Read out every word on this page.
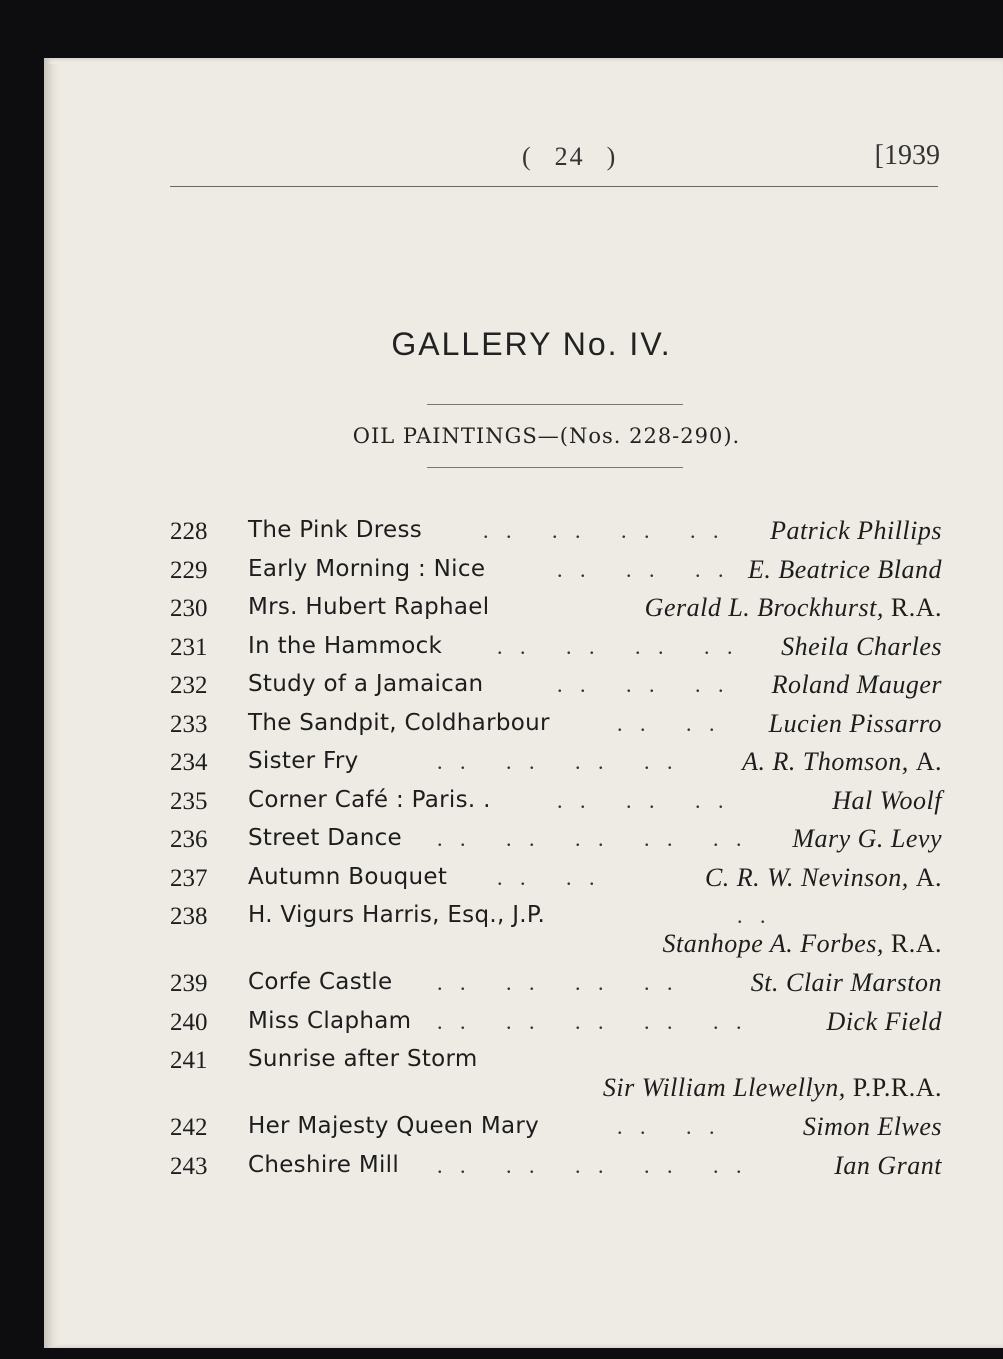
( 24 )	[1939
GALLERY No. IV.
OIL PAINTINGS—(Nos. 228-290).
228 The Pink Dress	. .   . .   . .   . . Patrick Phillips
229 Early Morning : Nice	. .   . .   . . E. Beatrice Bland
230 Mrs. Hubert Raphael	Gerald L. Brockhurst, R.A.
231 In the Hammock . .   . .   . .   . . Sheila Charles
232 Study of a Jamaican	. .   . .   . . Roland Mauger
233 The Sandpit, Coldharbour	. .   . . Lucien Pissarro
234 Sister Fry	. .   . .   . .   . . A. R. Thomson, A.
235 Corner Café : Paris. .	. .   . .   . .	Hal Woolf
236 Street Dance . .   . .   . .   . .   . . Mary G. Levy
237 Autumn Bouquet . .   . .	C. R. W. Nevinson, A.
238 H. Vigurs Harris, Esq., J.P.	. .
Stanhope A. Forbes, R.A.
239 Corfe Castle . .   . .   . .   . .	St. Clair Marston
240 Miss Clapham . .   . .   . .   . .   . .	Dick Field
241 Sunrise after Storm
Sir William Llewellyn, P.P.R.A.
242 Her Majesty Queen Mary	. .   . .	Simon Elwes
243 Cheshire Mill . .   . .   . .   . .   . .	Ian Grant
